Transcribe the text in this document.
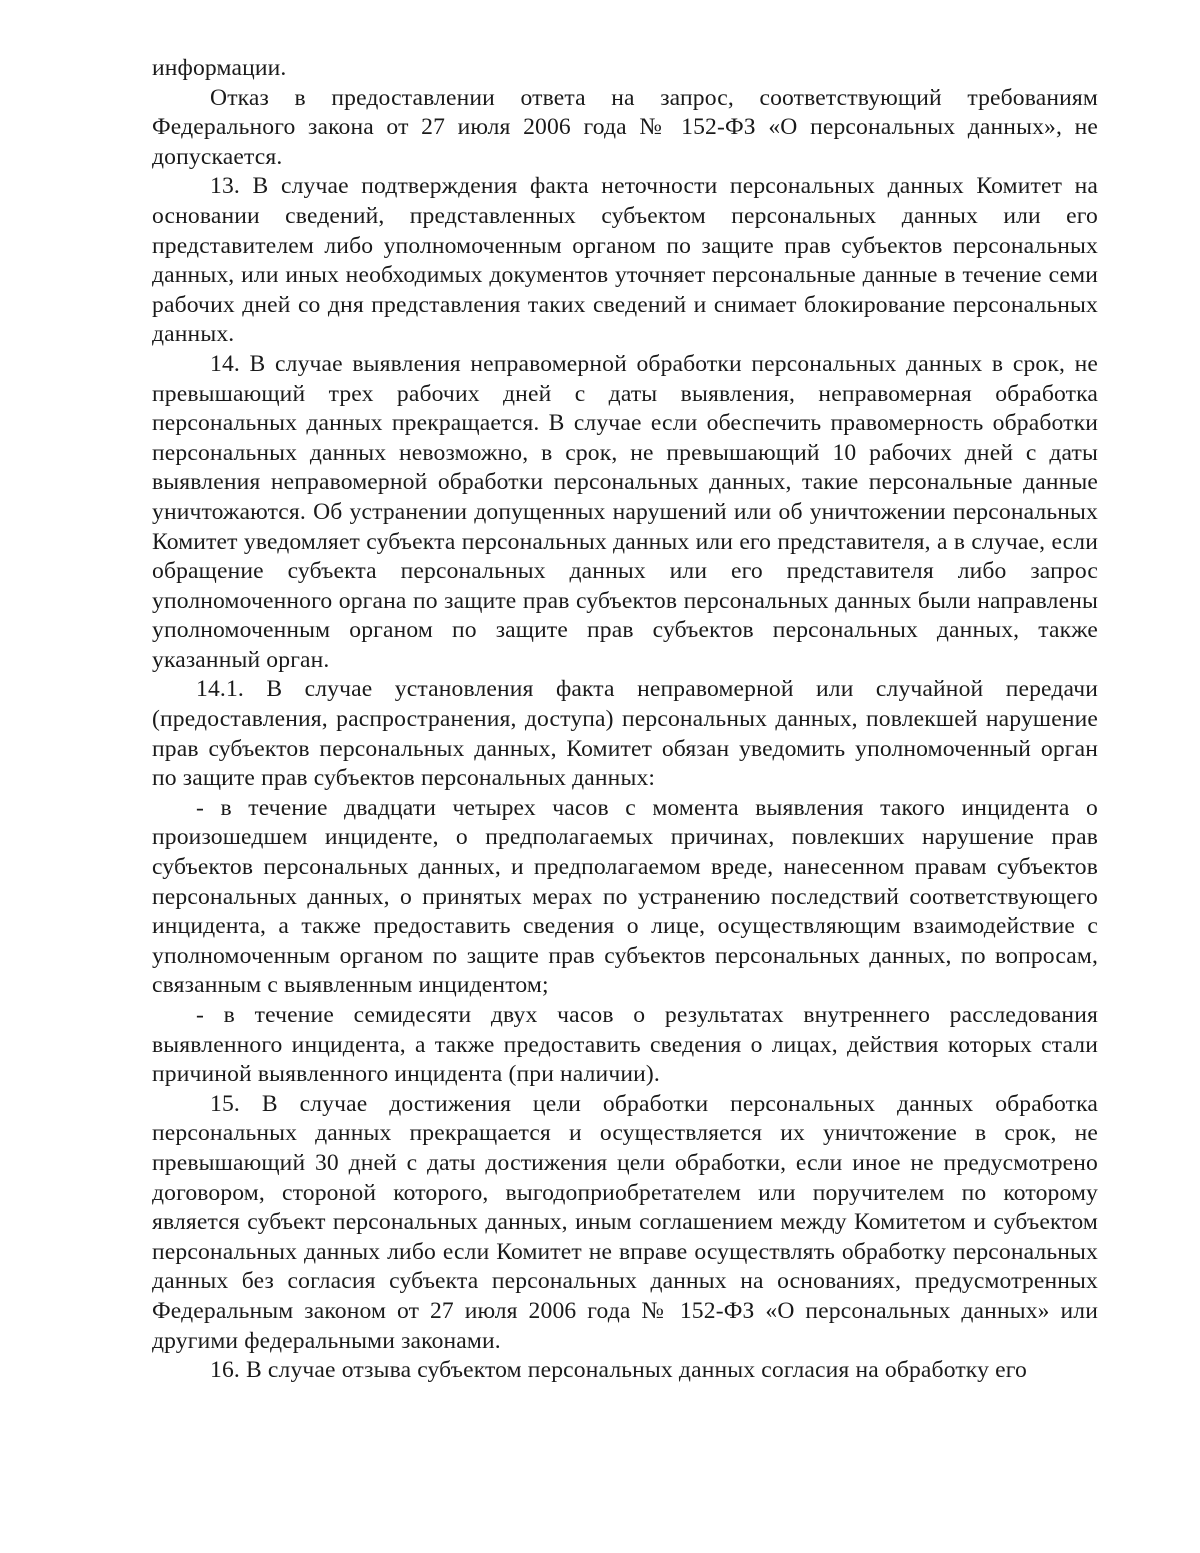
информации.

Отказ в предоставлении ответа на запрос, соответствующий требованиям Федерального закона от 27 июля 2006 года № 152-ФЗ «О персональных данных», не допускается.

13. В случае подтверждения факта неточности персональных данных Комитет на основании сведений, представленных субъектом персональных данных или его представителем либо уполномоченным органом по защите прав субъектов персональных данных, или иных необходимых документов уточняет персональные данные в течение семи рабочих дней со дня представления таких сведений и снимает блокирование персональных данных.

14. В случае выявления неправомерной обработки персональных данных в срок, не превышающий трех рабочих дней с даты выявления, неправомерная обработка персональных данных прекращается. В случае если обеспечить правомерность обработки персональных данных невозможно, в срок, не превышающий 10 рабочих дней с даты выявления неправомерной обработки персональных данных, такие персональные данные уничтожаются. Об устранении допущенных нарушений или об уничтожении персональных Комитет уведомляет субъекта персональных данных или его представителя, а в случае, если обращение субъекта персональных данных или его представителя либо запрос уполномоченного органа по защите прав субъектов персональных данных были направлены уполномоченным органом по защите прав субъектов персональных данных, также указанный орган.

14.1. В случае установления факта неправомерной или случайной передачи (предоставления, распространения, доступа) персональных данных, повлекшей нарушение прав субъектов персональных данных, Комитет обязан уведомить уполномоченный орган по защите прав субъектов персональных данных:

- в течение двадцати четырех часов с момента выявления такого инцидента о произошедшем инциденте, о предполагаемых причинах, повлекших нарушение прав субъектов персональных данных, и предполагаемом вреде, нанесенном правам субъектов персональных данных, о принятых мерах по устранению последствий соответствующего инцидента, а также предоставить сведения о лице, осуществляющим взаимодействие с уполномоченным органом по защите прав субъектов персональных данных, по вопросам, связанным с выявленным инцидентом;

- в течение семидесяти двух часов о результатах внутреннего расследования выявленного инцидента, а также предоставить сведения о лицах, действия которых стали причиной выявленного инцидента (при наличии).

15. В случае достижения цели обработки персональных данных обработка персональных данных прекращается и осуществляется их уничтожение в срок, не превышающий 30 дней с даты достижения цели обработки, если иное не предусмотрено договором, стороной которого, выгодоприобретателем или поручителем по которому является субъект персональных данных, иным соглашением между Комитетом и субъектом персональных данных либо если Комитет не вправе осуществлять обработку персональных данных без согласия субъекта персональных данных на основаниях, предусмотренных Федеральным законом от 27 июля 2006 года № 152-ФЗ «О персональных данных» или другими федеральными законами.

16. В случае отзыва субъектом персональных данных согласия на обработку его
